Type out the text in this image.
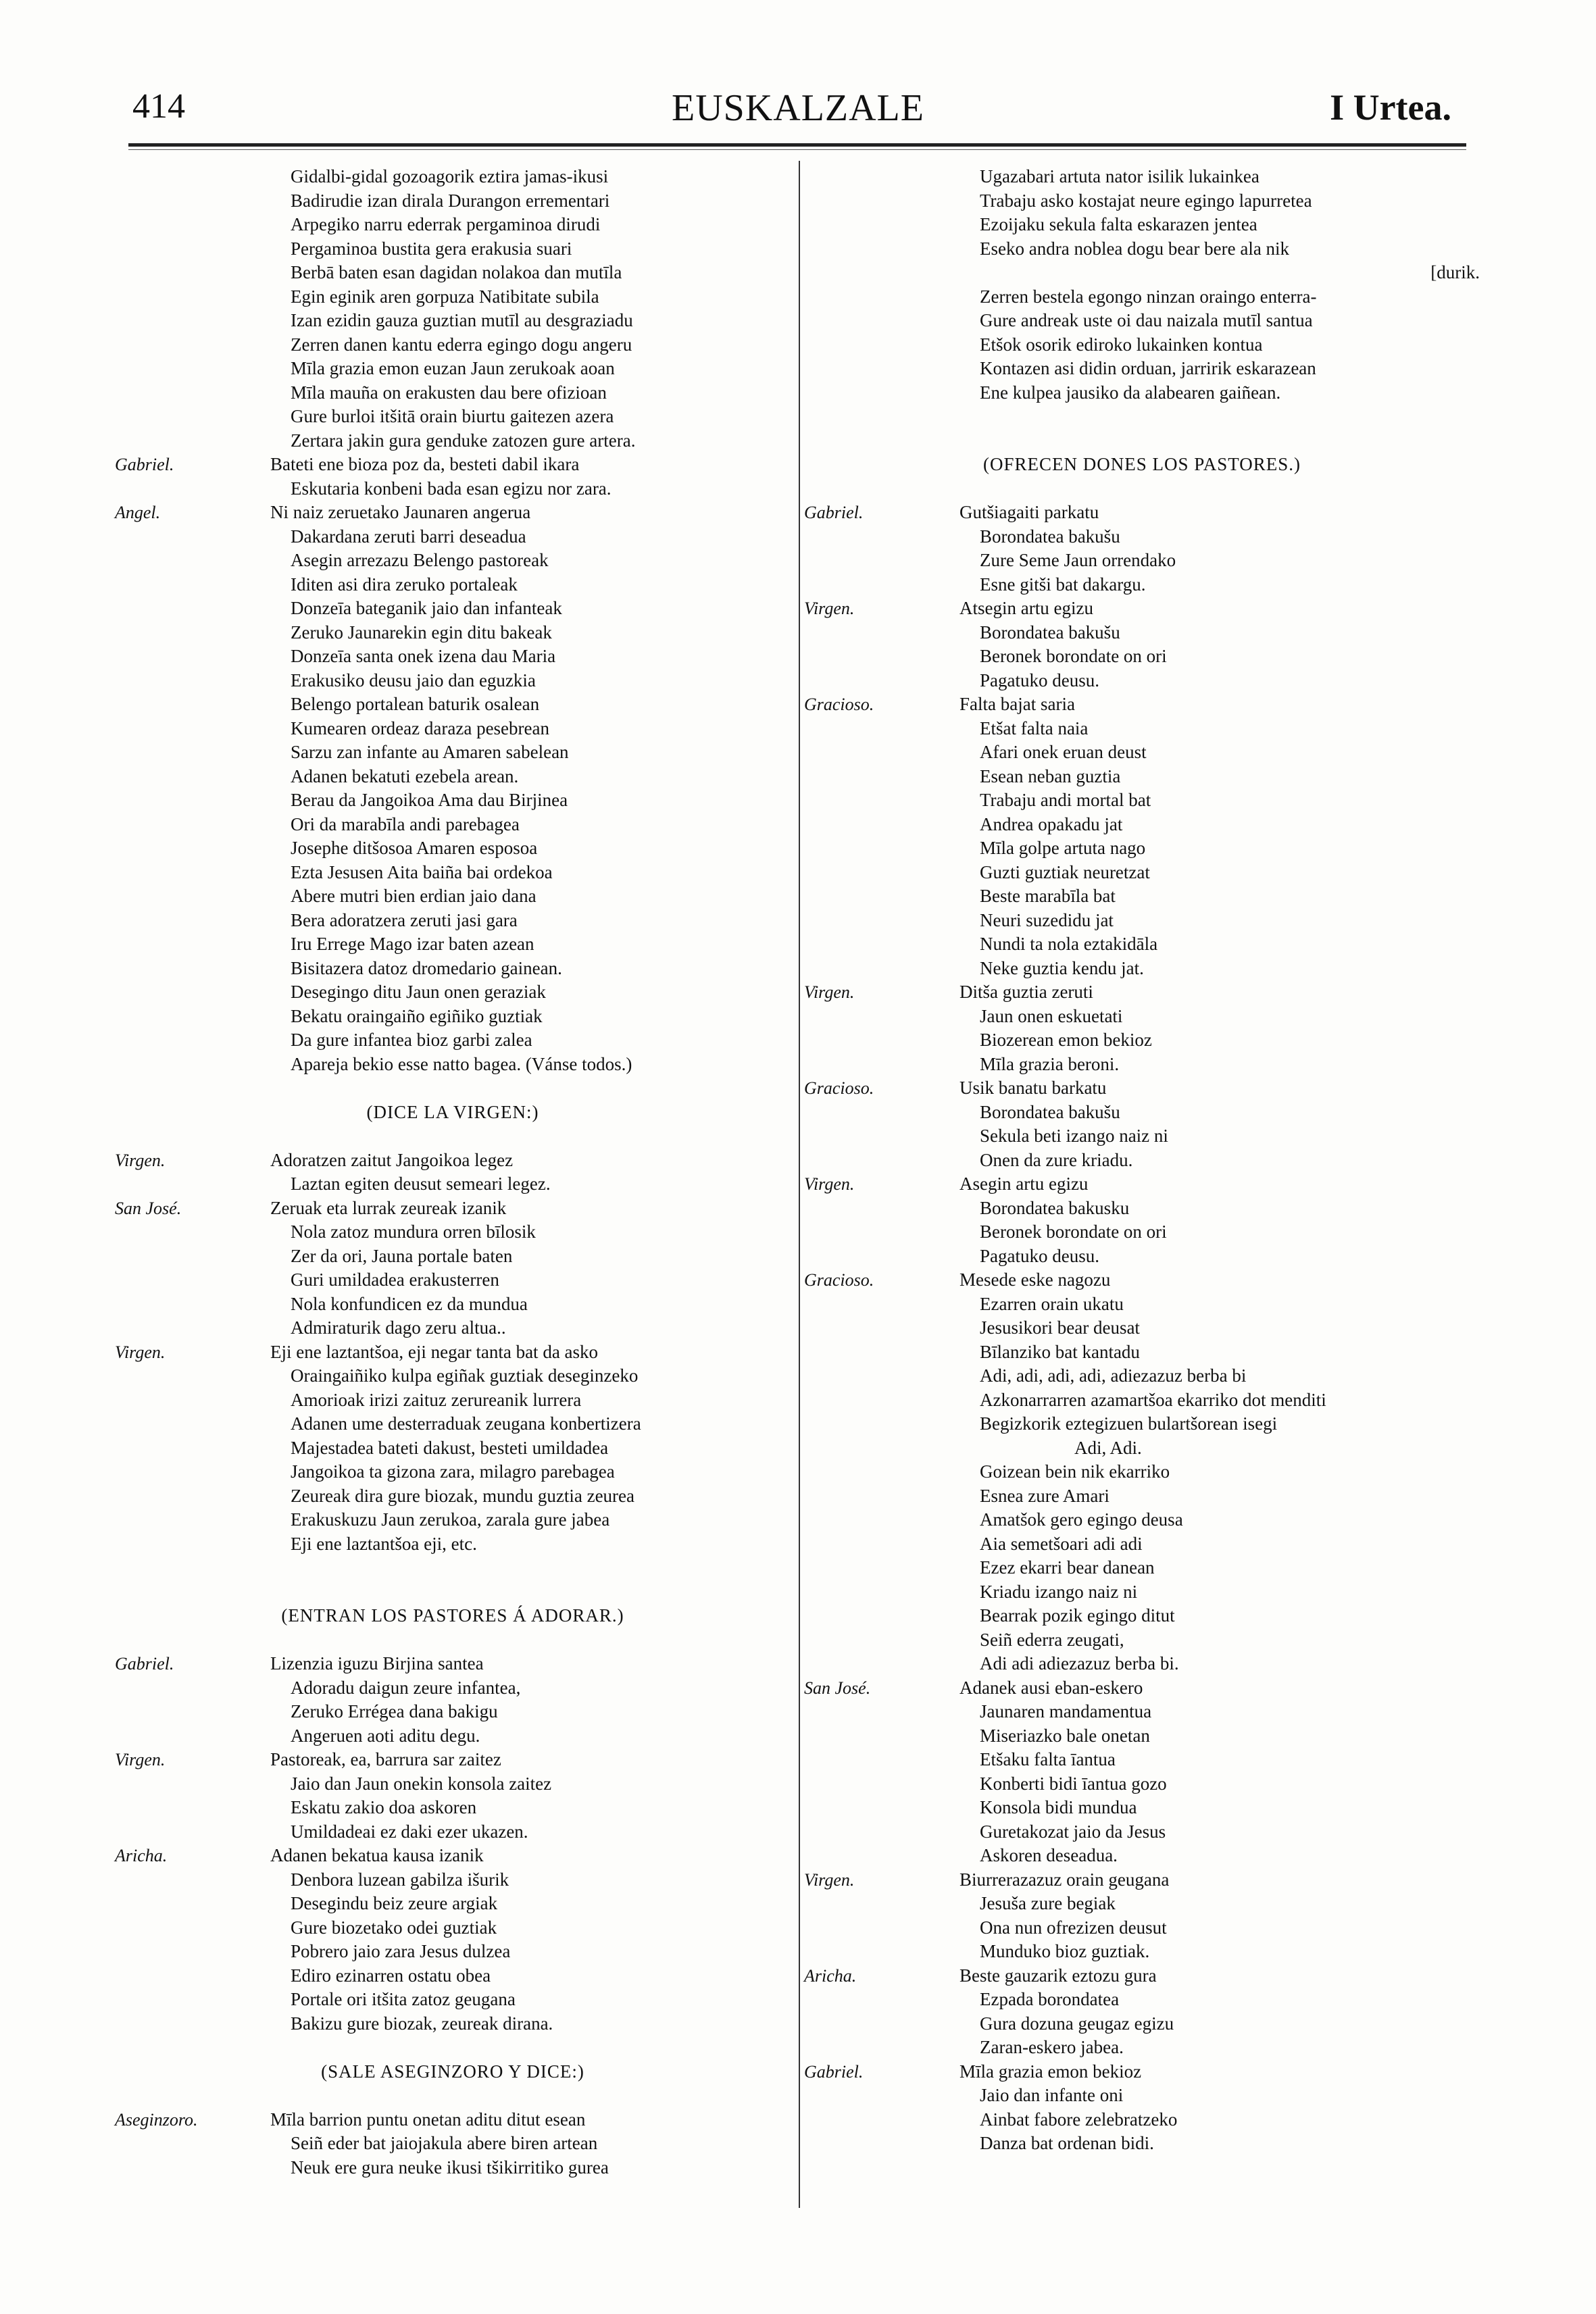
414	EUSKALZALE	I Urtea.
Gidalbi-gidal gozoagorik eztira jamas-ikusi
Badirudie izan dirala Durangon errementari
Arpegiko narru ederrak pergaminoa dirudi
Pergaminoa bustita gera erakusia suari
Berbā baten esan dagidan nolakoa dan mutīla
Egin eginik aren gorpuza Natibitate subila
Izan ezidin gauza guztian mutīl au desgraziadu
Zerren danen kantu ederra egingo dogu angeru
Mīla grazia emon euzan Jaun zerukoak aoan
Mīla mauña on erakusten dau bere ofizioan
Gure burloi itšitā orain biurtu gaitezen azera
Zertara jakin gura genduke zatozen gure artera.
Gabriel.	Bateti ene bioza poz da, besteti dabil ikara
Eskutaria konbeni bada esan egizu nor zara.
Angel.	Ni naiz zeruetako Jaunaren angerua
Dakardana zeruti barri deseadua
Asegin arrezazu Belengo pastoreak
Iditen asi dira zeruko portaleak
Donzeīa bateganik jaio dan infanteak
Zeruko Jaunarekin egin ditu bakeak
Donzeīa santa onek izena dau Maria
Erakusiko deusu jaio dan eguzkia
Belengo portalean baturik osalean
Kumearen ordeaz daraza pesebrean
Sarzu zan infante au Amaren sabelean
Adanen bekatuti ezebela arean.
Berau da Jangoikoa Ama dau Birjinea
Ori da marabīla andi parebagea
Josephe ditšosoa Amaren esposoa
Ezta Jesusen Aita baiña bai ordekoa
Abere mutri bien erdian jaio dana
Bera adoratzera zeruti jasi gara
Iru Errege Mago izar baten azean
Bisitazera datoz dromedario gainean.
Desegingo ditu Jaun onen geraziak
Bekatu oraingaiño egiñiko guztiak
Da gure infantea bioz garbi zalea
Apareja bekio esse natto bagea. (Vánse todos.)
(DICE LA VIRGEN:)
Virgen.	Adoratzen zaitut Jangoikoa legez
Laztan egiten deusut semeari legez.
San José.	Zeruak eta lurrak zeureak izanik
Nola zatoz mundura orren bīlosik
Zer da ori, Jauna portale baten
Guri umildadea erakusterren
Nola konfundicen ez da mundua
Admiraturik dago zeru altua..
Virgen.	Eji ene laztantšoa, eji negar tanta bat da asko
Oraingaiñiko kulpa egiñak guztiak deseginzeko
Amorioak irizi zaituz zerureanik lurrera
Adanen ume desterraduak zeugana konbertizera
Majestadea bateti dakust, besteti umildadea
Jangoikoa ta gizona zara, milagro parebagea
Zeureak dira gure biozak, mundu guztia zeurea
Erakuskuzu Jaun zerukoa, zarala gure jabea
Eji ene laztantšoa eji, etc.
(ENTRAN LOS PASTORES Á ADORAR.)
Gabriel.	Lizenzia iguzu Birjina santea
Adoradu daigun zeure infantea,
Zeruko Errégea dana bakigu
Angeruen aoti aditu degu.
Virgen.	Pastoreak, ea, barrura sar zaitez
Jaio dan Jaun onekin konsola zaitez
Eskatu zakio doa askoren
Umildadeai ez daki ezer ukazen.
Aricha.	Adanen bekatua kausa izanik
Denbora luzean gabilza išurik
Desegindu beiz zeure argiak
Gure biozetako odei guztiak
Pobrero jaio zara Jesus dulzea
Ediro ezinarren ostatu obea
Portale ori itšita zatoz geugana
Bakizu gure biozak, zeureak dirana.
(SALE ASEGINZORO Y DICE:)
Aseginzoro.	Mīla barrion puntu onetan aditu ditut esean
Seiñ eder bat jaiojakula abere biren artean
Neuk ere gura neuke ikusi tšikirritiko gurea
Ugazabari artuta nator isilik lukainkea
Trabaju asko kostajat neure egingo lapurretea
Ezoijaku sekula falta eskarazen jentea
Eseko andra noblea dogu bear bere ala nik
[durik.
Zerren bestela egongo ninzan oraingo enterra-
Gure andreak uste oi dau naizala mutīl santua
Etšok osorik ediroko lukainken kontua
Kontazen asi didin orduan, jarririk eskarazean
Ene kulpea jausiko da alabearen gaiñean.
(OFRECEN DONES LOS PASTORES.)
Gabriel.	Gutšiagaiti parkatu
Borondatea bakušu
Zure Seme Jaun orrendako
Esne gitši bat dakargu.
Virgen.	Atsegin artu egizu
Borondatea bakušu
Beronek borondate on ori
Pagatuko deusu.
Gracioso.	Falta bajat saria
Etšat falta naia
Afari onek eruan deust
Esean neban guztia
Trabaju andi mortal bat
Andrea opakadu jat
Mīla golpe artuta nago
Guzti guztiak neuretzat
Beste marabīla bat
Neuri suzedidu jat
Nundi ta nola eztakidāla
Neke guztia kendu jat.
Virgen.	Ditša guztia zeruti
Jaun onen eskuetati
Biozerean emon bekioz
Mīla grazia beroni.
Gracioso.	Usik banatu barkatu
Borondatea bakušu
Sekula beti izango naiz ni
Onen da zure kriadu.
Virgen.	Asegin artu egizu
Borondatea bakusku
Beronek borondate on ori
Pagatuko deusu.
Gracioso.	Mesede eske nagozu
Ezarren orain ukatu
Jesusikori bear deusat
Bīlanziko bat kantadu
Adi, adi, adi, adi, adiezazuz berba bi
Azkonarrarren azamartšoa ekarriko dot menditi
Begizkorik eztegizuen bulartšorean isegi
Adi, Adi.
Goizean bein nik ekarriko
Esnea zure Amari
Amatšok gero egingo deusa
Aia semetšoari adi adi
Ezez ekarri bear danean
Kriadu izango naiz ni
Bearrak pozik egingo ditut
Seiñ ederra zeugati,
Adi adi adiezazuz berba bi.
San José.	Adanek ausi eban-eskero
Jaunaren mandamentua
Miseriazko bale onetan
Etšaku falta īantua
Konberti bidi īantua gozo
Konsola bidi mundua
Guretakozat jaio da Jesus
Askoren deseadua.
Virgen.	Biurrerazazuz orain geugana
Jesuša zure begiak
Ona nun ofrezizen deusut
Munduko bioz guztiak.
Aricha.	Beste gauzarik eztozu gura
Ezpada borondatea
Gura dozuna geugaz egizu
Zaran-eskero jabea.
Gabriel.	Mīla grazia emon bekioz
Jaio dan infante oni
Ainbat fabore zelebratzeko
Danza bat ordenan bidi.
